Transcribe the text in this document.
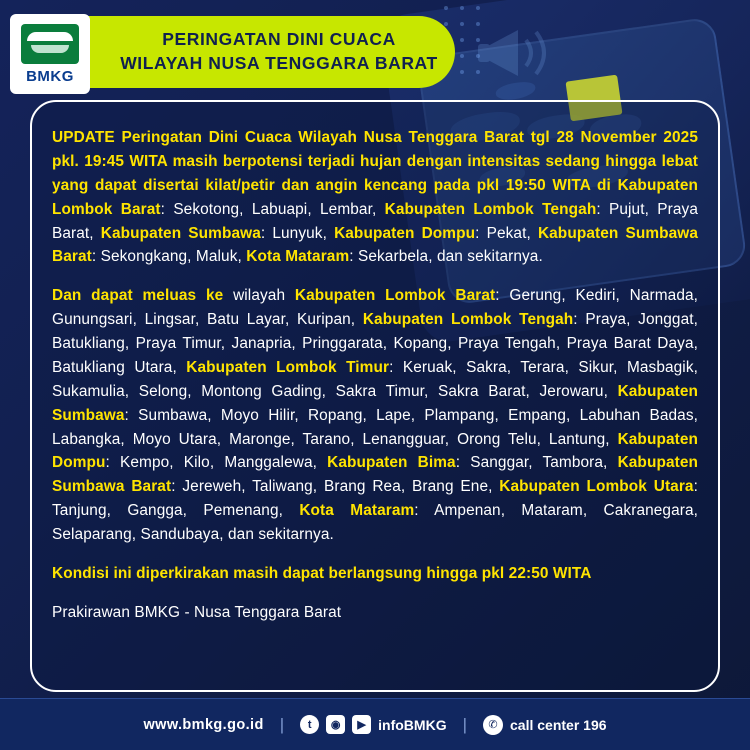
PERINGATAN DINI CUACA
WILAYAH NUSA TENGGARA BARAT
BMKG

UPDATE Peringatan Dini Cuaca Wilayah Nusa Tenggara Barat tgl 28 November 2025 pkl. 19:45 WITA masih berpotensi terjadi hujan dengan intensitas sedang hingga lebat yang dapat disertai kilat/petir dan angin kencang pada pkl 19:50 WITA di Kabupaten Lombok Barat: Sekotong, Labuapi, Lembar, Kabupaten Lombok Tengah: Pujut, Praya Barat, Kabupaten Sumbawa: Lunyuk, Kabupaten Dompu: Pekat, Kabupaten Sumbawa Barat: Sekongkang, Maluk, Kota Mataram: Sekarbela, dan sekitarnya.

Dan dapat meluas ke wilayah Kabupaten Lombok Barat: Gerung, Kediri, Narmada, Gunungsari, Lingsar, Batu Layar, Kuripan, Kabupaten Lombok Tengah: Praya, Jonggat, Batukliang, Praya Timur, Janapria, Pringgarata, Kopang, Praya Tengah, Praya Barat Daya, Batukliang Utara, Kabupaten Lombok Timur: Keruak, Sakra, Terara, Sikur, Masbagik, Sukamulia, Selong, Montong Gading, Sakra Timur, Sakra Barat, Jerowaru, Kabupaten Sumbawa: Sumbawa, Moyo Hilir, Ropang, Lape, Plampang, Empang, Labuhan Badas, Labangka, Moyo Utara, Maronge, Tarano, Lenangguar, Orong Telu, Lantung, Kabupaten Dompu: Kempo, Kilo, Manggalewa, Kabupaten Bima: Sanggar, Tambora, Kabupaten Sumbawa Barat: Jereweh, Taliwang, Brang Rea, Brang Ene, Kabupaten Lombok Utara: Tanjung, Gangga, Pemenang, Kota Mataram: Ampenan, Mataram, Cakranegara, Selaparang, Sandubaya, dan sekitarnya.

Kondisi ini diperkirakan masih dapat berlangsung hingga pkl 22:50 WITA

Prakirawan BMKG - Nusa Tenggara Barat

www.bmkg.go.id |	t	◉	▶ infoBMKG |	✆ call center 196
